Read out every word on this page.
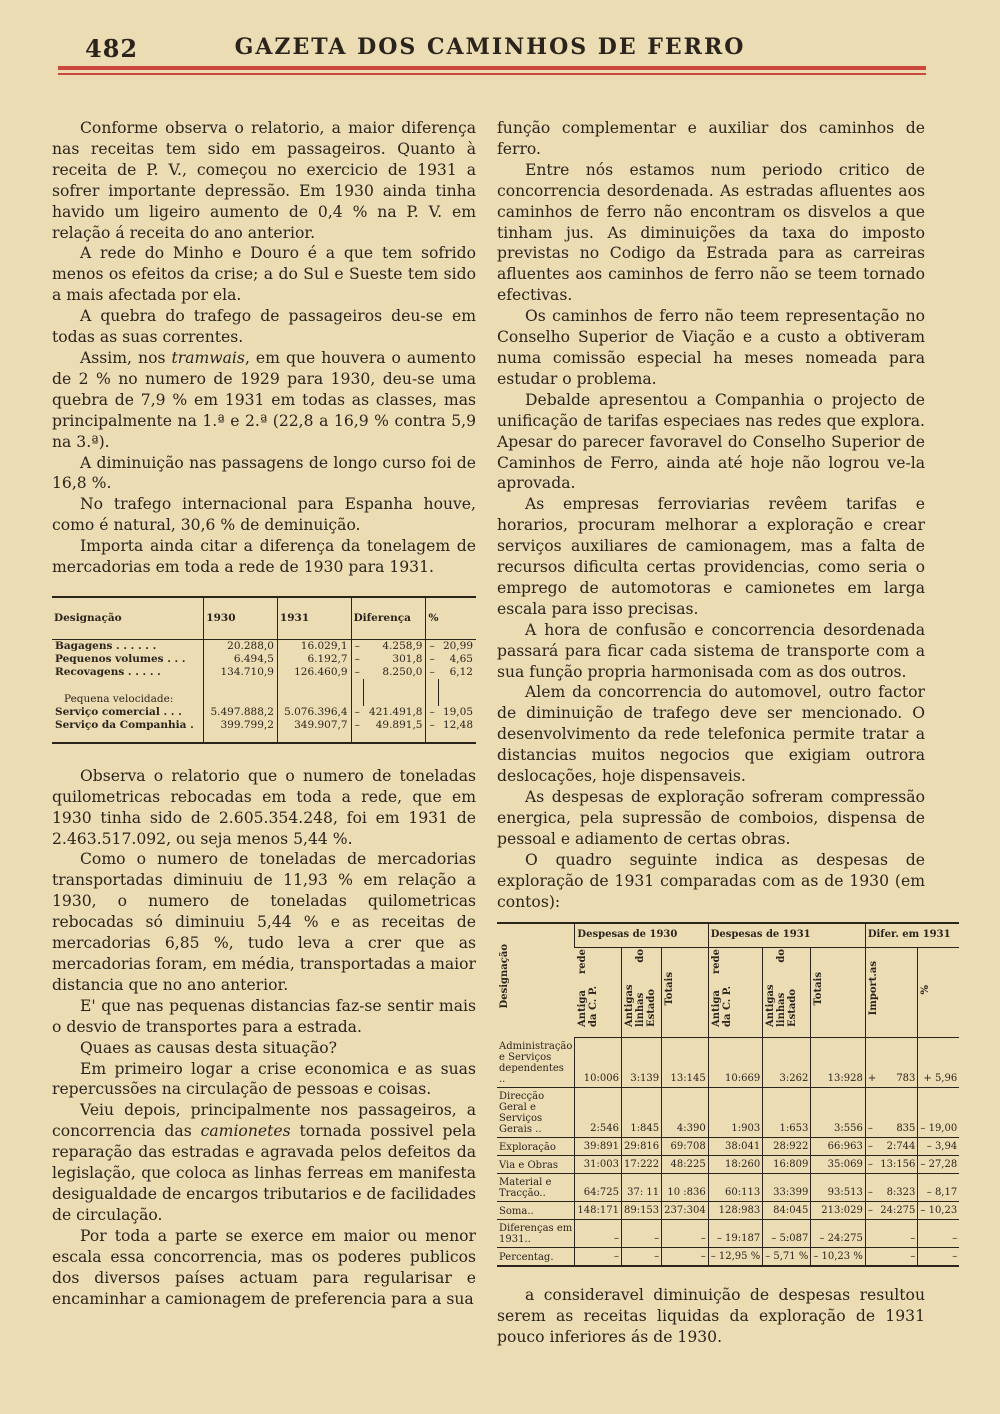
482	GAZETA DOS CAMINHOS DE FERRO

Conforme observa o relatorio, a maior diferença nas receitas tem sido em passageiros. Quanto à receita de P. V., começou no exercicio de 1931 a sofrer importante depressão. Em 1930 ainda tinha havido um ligeiro aumento de 0,4 % na P. V. em relação á receita do ano anterior.

A rede do Minho e Douro é a que tem sofrido menos os efeitos da crise; a do Sul e Sueste tem sido a mais afectada por ela.

A quebra do trafego de passageiros deu-se em todas as suas correntes.

Assim, nos tramwais, em que houvera o aumento de 2 % no numero de 1929 para 1930, deu-se uma quebra de 7,9 % em 1931 em todas as classes, mas principalmente na 1.ª e 2.ª (22,8 a 16,9 % contra 5,9 na 3.ª).

A diminuição nas passagens de longo curso foi de 16,8 %.

No trafego internacional para Espanha houve, como é natural, 30,6 % de deminuição.

Importa ainda citar a diferença da tonelagem de mercadorias em toda a rede de 1930 para 1931.

Designação	1930	1931	Diferença		%	
Bagagens . . . . . .	20.288,0	16.029,1	–	4.258,9	–	20,99
Pequenos volumes . . .	6.494,5	6.192,7	–	301,8	–	4,65
Recovagens . . . . .	134.710,9	126.460,9	–	8.250,0	–	6,12

Pequena velocidade:						
Serviço comercial . . .	5.497.888,2	5.076.396,4	–	421.491,8	–	19,05
Serviço da Companhia .	399.799,2	349.907,7	–	49.891,5	–	12,48

Observa o relatorio que o numero de toneladas quilometricas rebocadas em toda a rede, que em 1930 tinha sido de 2.605.354.248, foi em 1931 de 2.463.517.092, ou seja menos 5,44 %.

Como o numero de toneladas de mercadorias transportadas diminuiu de 11,93 % em relação a 1930, o numero de toneladas quilometricas rebocadas só diminuiu 5,44 % e as receitas de mercadorias 6,85 %, tudo leva a crer que as mercadorias foram, em média, transportadas a maior distancia que no ano anterior.

E' que nas pequenas distancias faz-se sentir mais o desvio de transportes para a estrada.

Quaes as causas desta situação?

Em primeiro logar a crise economica e as suas repercussões na circulação de pessoas e coisas.

Veiu depois, principalmente nos passageiros, a concorrencia das camionetes tornada possivel pela reparação das estradas e agravada pelos defeitos da legislação, que coloca as linhas ferreas em manifesta desigualdade de encargos tributarios e de facilidades de circulação.

Por toda a parte se exerce em maior ou menor escala essa concorrencia, mas os poderes publicos dos diversos países actuam para regularisar e encaminhar a camionagem de preferencia para a sua

função complementar e auxiliar dos caminhos de ferro.

Entre nós estamos num periodo critico de concorrencia desordenada. As estradas afluentes aos caminhos de ferro não encontram os disvelos a que tinham jus. As diminuições da taxa do imposto previstas no Codigo da Estrada para as carreiras afluentes aos caminhos de ferro não se teem tornado efectivas.

Os caminhos de ferro não teem representação no Conselho Superior de Viação e a custo a obtiveram numa comissão especial ha meses nomeada para estudar o problema.

Debalde apresentou a Companhia o projecto de unificação de tarifas especiaes nas redes que explora. Apesar do parecer favoravel do Conselho Superior de Caminhos de Ferro, ainda até hoje não logrou ve-la aprovada.

As empresas ferroviarias revêem tarifas e horarios, procuram melhorar a exploração e crear serviços auxiliares de camionagem, mas a falta de recursos dificulta certas providencias, como seria o emprego de automotoras e camionetes em larga escala para isso precisas.

A hora de confusão e concorrencia desordenada passará para ficar cada sistema de transporte com a sua função propria harmonisada com as dos outros.

Alem da concorrencia do automovel, outro factor de diminuição de trafego deve ser mencionado. O desenvolvimento da rede telefonica permite tratar a distancias muitos negocios que exigiam outrora deslocações, hoje dispensaveis.

As despesas de exploração sofreram compressão energica, pela supressão de comboios, dispensa de pessoal e adiamento de certas obras.

O quadro seguinte indica as despesas de exploração de 1931 comparadas com as de 1930 (em contos):

Designação	Despesas de 1930			Despesas de 1931			Difer. em 1931		
	Antiga rede da C. P.	Antigas linhas do Estado	Totais	Antiga rede da C. P.	Antigas linhas do Estado	Totais	Import.as		%
Administração e Serviços dependentes ..	10:006	3:139	13:145	10:669	3:262	13:928	+	783	+ 5,96
Direcção Geral e Serviços Gerais ..	2:546	1:845	4:390	1:903	1:653	3:556	–	835	– 19,00
Exploração	39:891	29:816	69:708	38:041	28:922	66:963	–	2:744	– 3,94
Via e Obras	31:003	17:222	48:225	18:260	16:809	35:069	–	13:156	– 27,28
Material e Tracção..	64:725	37: 11	10 :836	60:113	33:399	93:513	–	8:323	– 8,17
Soma..	148:171	89:153	237:304	128:983	84:045	213:029	–	24:275	– 10,23
Diferenças em 1931..	–	–	–	– 19:187	– 5:087	– 24:275		–	–
Percentag.	–	–	–	– 12,95 %	– 5,71 %	– 10,23 %		–	–

a consideravel diminuição de despesas resultou serem as receitas liquidas da exploração de 1931 pouco inferiores ás de 1930.
